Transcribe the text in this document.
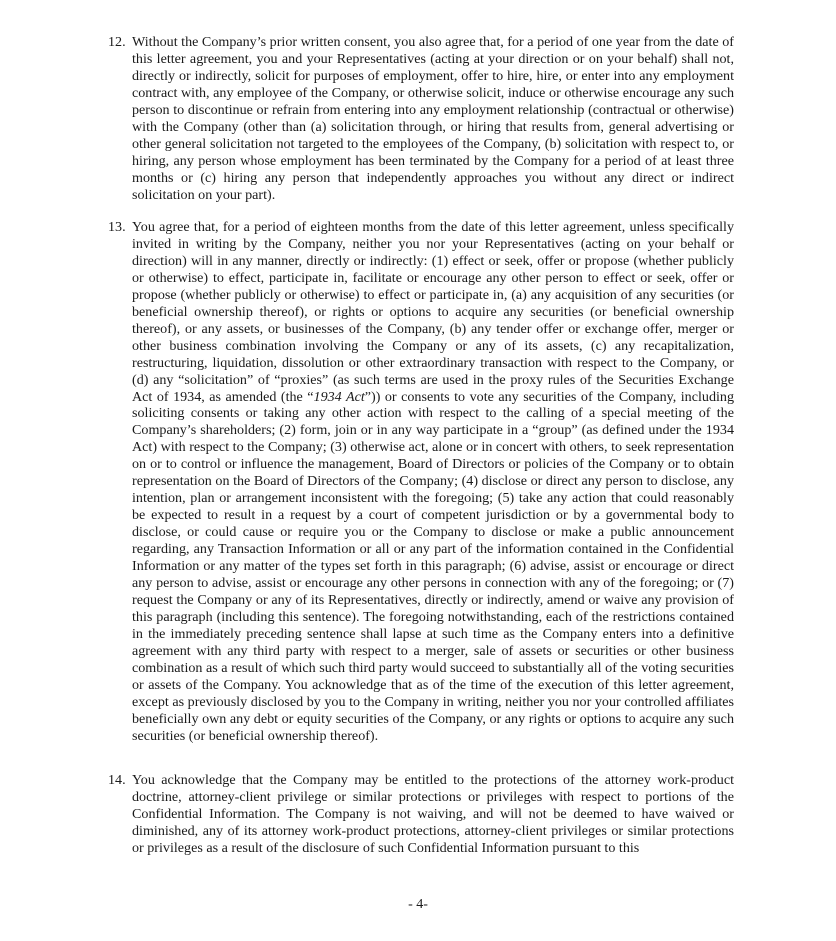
12. Without the Company’s prior written consent, you also agree that, for a period of one year from the date of this letter agreement, you and your Representatives (acting at your direction or on your behalf) shall not, directly or indirectly, solicit for purposes of employment, offer to hire, hire, or enter into any employment contract with, any employee of the Company, or otherwise solicit, induce or otherwise encourage any such person to discontinue or refrain from entering into any employment relationship (contractual or otherwise) with the Company (other than (a) solicitation through, or hiring that results from, general advertising or other general solicitation not targeted to the employees of the Company, (b) solicitation with respect to, or hiring, any person whose employment has been terminated by the Company for a period of at least three months or (c) hiring any person that independently approaches you without any direct or indirect solicitation on your part).
13. You agree that, for a period of eighteen months from the date of this letter agreement, unless specifically invited in writing by the Company, neither you nor your Representatives (acting on your behalf or direction) will in any manner, directly or indirectly: (1) effect or seek, offer or propose (whether publicly or otherwise) to effect, participate in, facilitate or encourage any other person to effect or seek, offer or propose (whether publicly or otherwise) to effect or participate in, (a) any acquisition of any securities (or beneficial ownership thereof), or rights or options to acquire any securities (or beneficial ownership thereof), or any assets, or businesses of the Company, (b) any tender offer or exchange offer, merger or other business combination involving the Company or any of its assets, (c) any recapitalization, restructuring, liquidation, dissolution or other extraordinary transaction with respect to the Company, or (d) any “solicitation” of “proxies” (as such terms are used in the proxy rules of the Securities Exchange Act of 1934, as amended (the “1934 Act”)) or consents to vote any securities of the Company, including soliciting consents or taking any other action with respect to the calling of a special meeting of the Company’s shareholders; (2) form, join or in any way participate in a “group” (as defined under the 1934 Act) with respect to the Company; (3) otherwise act, alone or in concert with others, to seek representation on or to control or influence the management, Board of Directors or policies of the Company or to obtain representation on the Board of Directors of the Company; (4) disclose or direct any person to disclose, any intention, plan or arrangement inconsistent with the foregoing; (5) take any action that could reasonably be expected to result in a request by a court of competent jurisdiction or by a governmental body to disclose, or could cause or require you or the Company to disclose or make a public announcement regarding, any Transaction Information or all or any part of the information contained in the Confidential Information or any matter of the types set forth in this paragraph; (6) advise, assist or encourage or direct any person to advise, assist or encourage any other persons in connection with any of the foregoing; or (7) request the Company or any of its Representatives, directly or indirectly, amend or waive any provision of this paragraph (including this sentence). The foregoing notwithstanding, each of the restrictions contained in the immediately preceding sentence shall lapse at such time as the Company enters into a definitive agreement with any third party with respect to a merger, sale of assets or securities or other business combination as a result of which such third party would succeed to substantially all of the voting securities or assets of the Company. You acknowledge that as of the time of the execution of this letter agreement, except as previously disclosed by you to the Company in writing, neither you nor your controlled affiliates beneficially own any debt or equity securities of the Company, or any rights or options to acquire any such securities (or beneficial ownership thereof).
14. You acknowledge that the Company may be entitled to the protections of the attorney work-product doctrine, attorney-client privilege or similar protections or privileges with respect to portions of the Confidential Information. The Company is not waiving, and will not be deemed to have waived or diminished, any of its attorney work-product protections, attorney-client privileges or similar protections or privileges as a result of the disclosure of such Confidential Information pursuant to this
- 4-
